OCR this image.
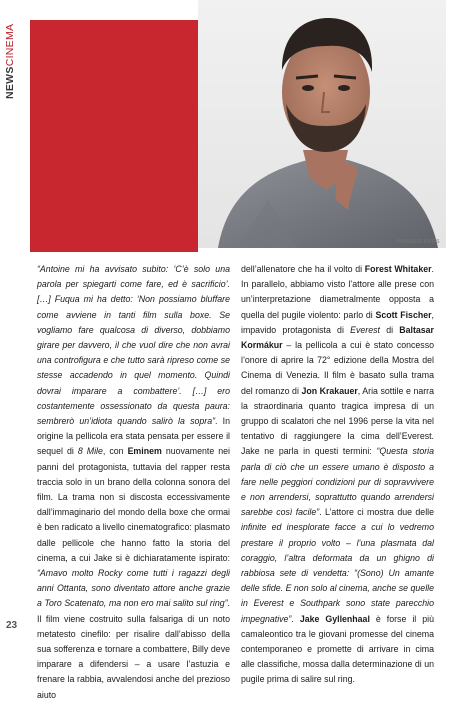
NEWSCINEMA
WARNER BROS

“Antoine mi ha avvisato subito: ‘C’è solo una parola per spiegarti come fare, ed è sacrificio’. […] Fuqua mi ha detto: ‘Non possiamo bluffare come avviene in tanti film sulla boxe. Se vogliamo fare qualcosa di diverso, dobbiamo girare per davvero, il che vuol dire che non avrai una controfigura e che tutto sarà ripreso come se stesse accadendo in quel momento. Quindi dovrai imparare a combattere’. […] ero costantemente ossessionato da questa paura: sembrerò un’idiota quando salirò la sopra”. In origine la pellicola era stata pensata per essere il sequel di 8 Mile, con Eminem nuovamente nei panni del protagonista, tuttavia del rapper resta traccia solo in un brano della colonna sonora del film. La trama non si discosta eccessivamente dall’immaginario del mondo della boxe che ormai è ben radicato a livello cinematografico: plasmato dalle pellicole che hanno fatto la storia del cinema, a cui Jake si è dichiaratamente ispirato: “Amavo molto Rocky come tutti i ragazzi degli anni Ottanta, sono diventato attore anche grazie a Toro Scatenato, ma non ero mai salito sul ring”. Il film viene costruito sulla falsariga di un noto metatesto cinefilo: per risalire dall’abisso della sua sofferenza e tornare a combattere, Billy deve imparare a difendersi – a usare l’astuzia e frenare la rabbia, avvalendosi anche del prezioso aiuto

dell’allenatore che ha il volto di Forest Whitaker. In parallelo, abbiamo visto l’attore alle prese con un’interpretazione diametralmente opposta a quella del pugile violento: parlo di Scott Fischer, impavido protagonista di Everest di Baltasar Kormákur – la pellicola a cui è stato concesso l’onore di aprire la 72° edizione della Mostra del Cinema di Venezia. Il film è basato sulla trama del romanzo di Jon Krakauer, Aria sottile e narra la straordinaria quanto tragica impresa di un gruppo di scalatori che nel 1996 perse la vita nel tentativo di raggiungere la cima dell’Everest. Jake ne parla in questi termini: “Questa storia parla di ciò che un essere umano è disposto a fare nelle peggiori condizioni pur di sopravvivere e non arrendersi, soprattutto quando arrendersi sarebbe così facile”. L’attore ci mostra due delle infinite ed inesplorate facce a cui lo vedremo prestare il proprio volto – l’una plasmata dal coraggio, l’altra deformata da un ghigno di rabbiosa sete di vendetta: “(Sono) Un amante delle sfide. E non solo al cinema, anche se quelle in Everest e Southpark sono state parecchio impegnative”. Jake Gyllenhaal è forse il più camaleontico tra le giovani promesse del cinema contemporaneo e promette di arrivare in cima alle classifiche, mossa dalla determinazione di un pugile prima di salire sul ring.

23
